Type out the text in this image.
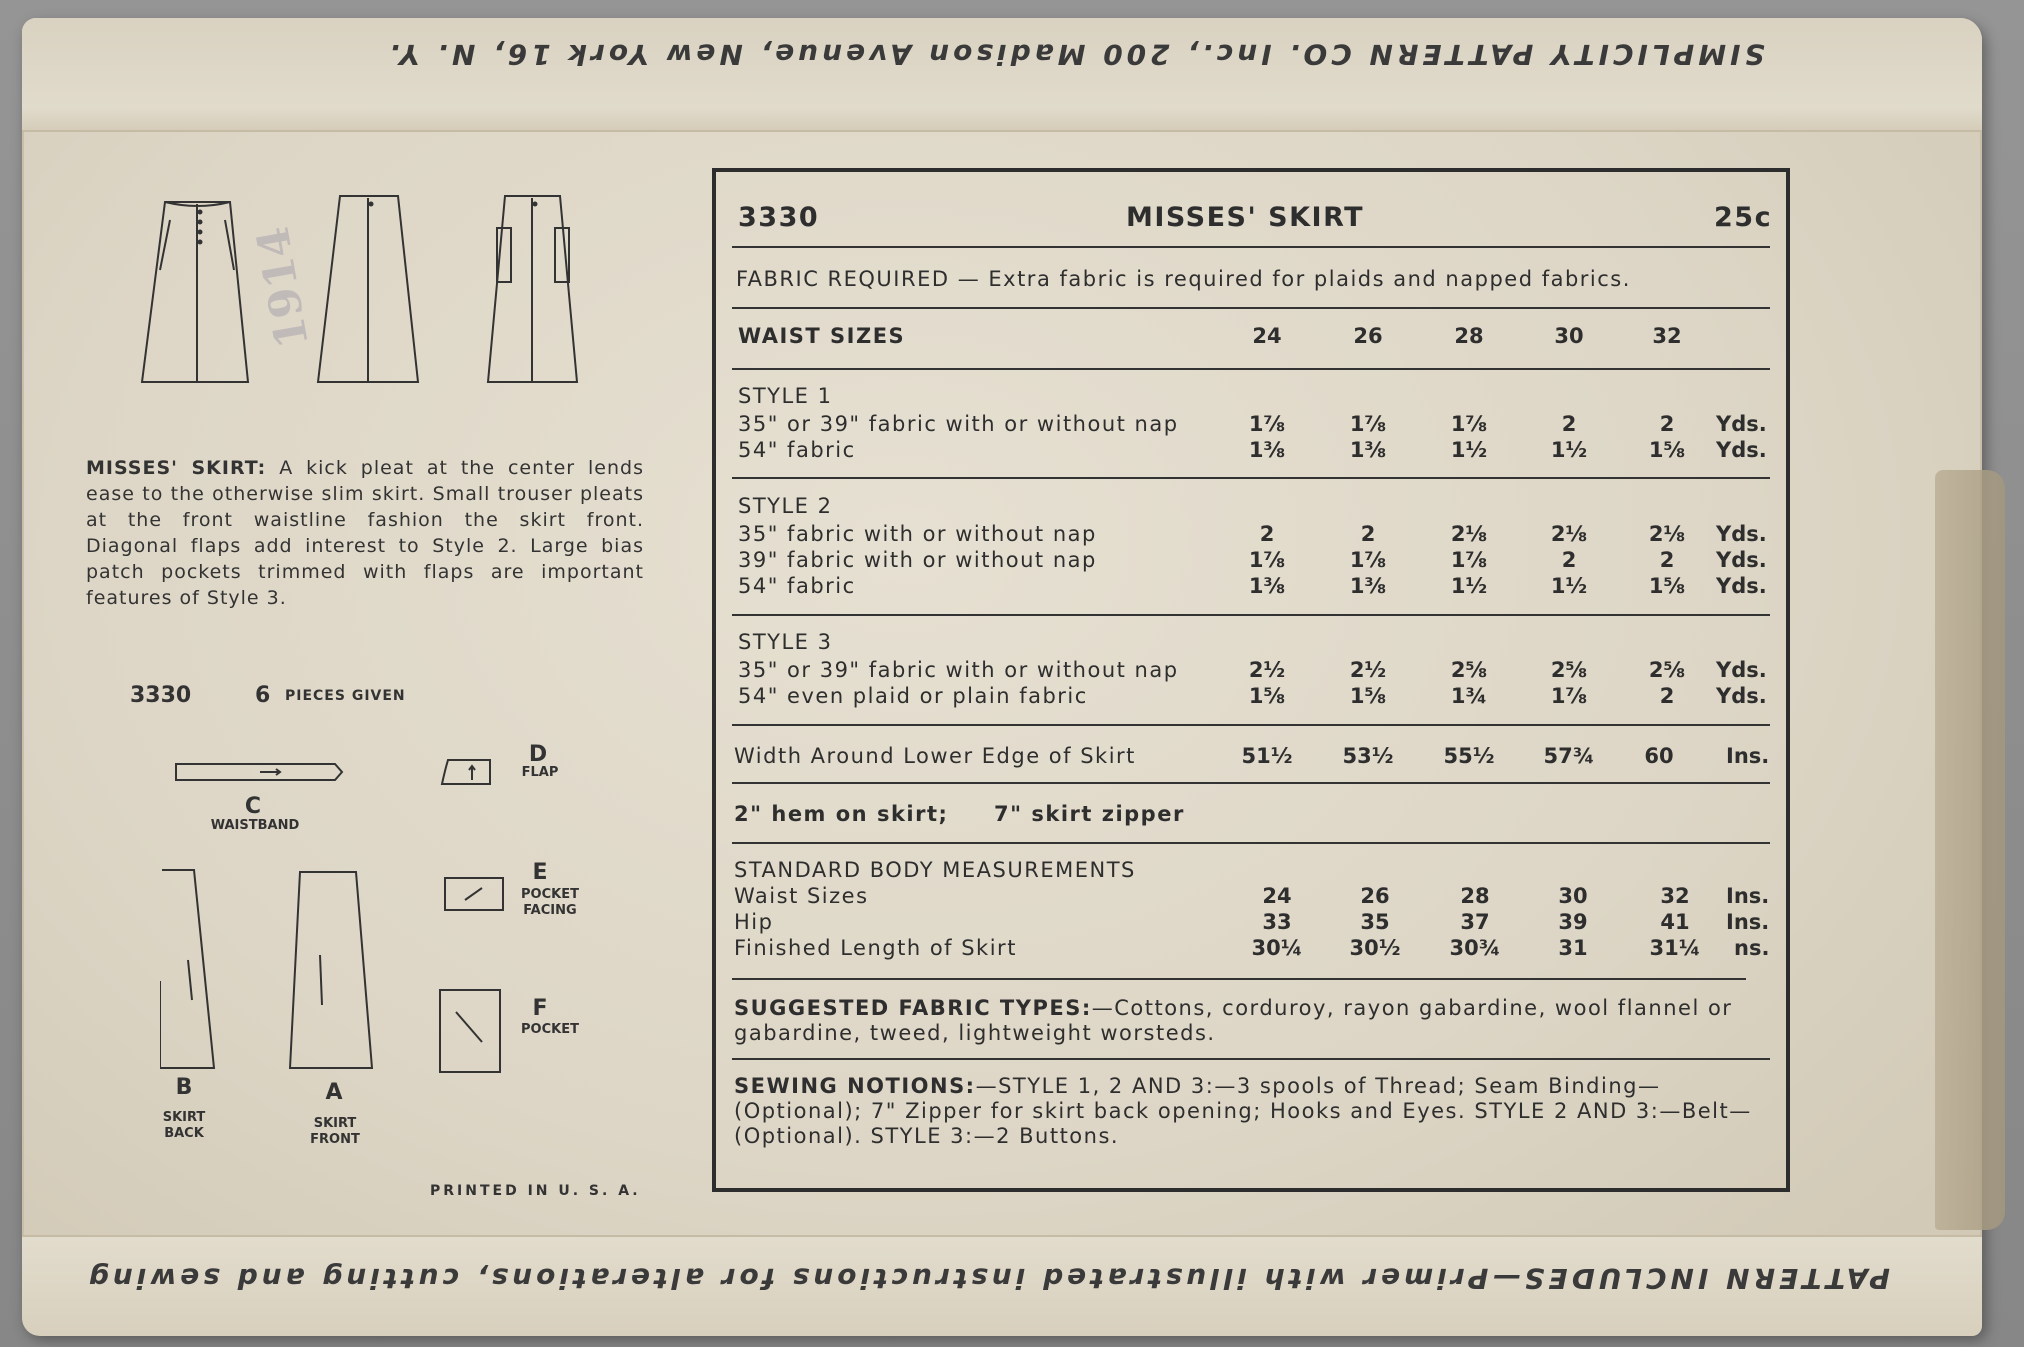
SIMPLICITY PATTERN CO. Inc., 200 Madison Avenue, New York 16, N. Y.
PATTERN INCLUDES—Primer with illustrated instructions for alterations, cutting and sewing
1914
MISSES' SKIRT: A kick pleat at the center lends ease to the otherwise slim skirt. Small trouser pleats at the front waistline fashion the skirt front. Diagonal flaps add interest to Style 2. Large bias patch pockets trimmed with flaps are important features of Style 3.
3330	6 PIECES GIVEN
C
WAISTBAND
D
FLAP
E
POCKET FACING
F
POCKET
B
SKIRT BACK
A
SKIRT FRONT
PRINTED IN U. S. A.
3330	MISSES' SKIRT	25c
FABRIC REQUIRED — Extra fabric is required for plaids and napped fabrics.
WAIST SIZES	24	26	28	30	32
STYLE 1
35" or 39" fabric with or without nap	1⅞	1⅞	1⅞	2	2	Yds.
54" fabric	1⅜	1⅜	1½	1½	1⅝	Yds.
STYLE 2
35" fabric with or without nap	2	2	2⅛	2⅛	2⅛	Yds.
39" fabric with or without nap	1⅞	1⅞	1⅞	2	2	Yds.
54" fabric	1⅜	1⅜	1½	1½	1⅝	Yds.
STYLE 3
35" or 39" fabric with or without nap	2½	2½	2⅝	2⅝	2⅝	Yds.
54" even plaid or plain fabric	1⅝	1⅝	1¾	1⅞	2	Yds.
Width Around Lower Edge of Skirt	51½	53½	55½	57¾	60	Ins.
2" hem on skirt; 7" skirt zipper
STANDARD BODY MEASUREMENTS
Waist Sizes	24	26	28	30	32	Ins.
Hip	33	35	37	39	41	Ins.
Finished Length of Skirt	30¼	30½	30¾	31	31¼	ns.
SUGGESTED FABRIC TYPES:—Cottons, corduroy, rayon gabardine, wool flannel or gabardine, tweed, lightweight worsteds.
SEWING NOTIONS:—STYLE 1, 2 AND 3:—3 spools of Thread; Seam Binding—(Optional); 7" Zipper for skirt back opening; Hooks and Eyes. STYLE 2 AND 3:—Belt—(Optional). STYLE 3:—2 Buttons.
